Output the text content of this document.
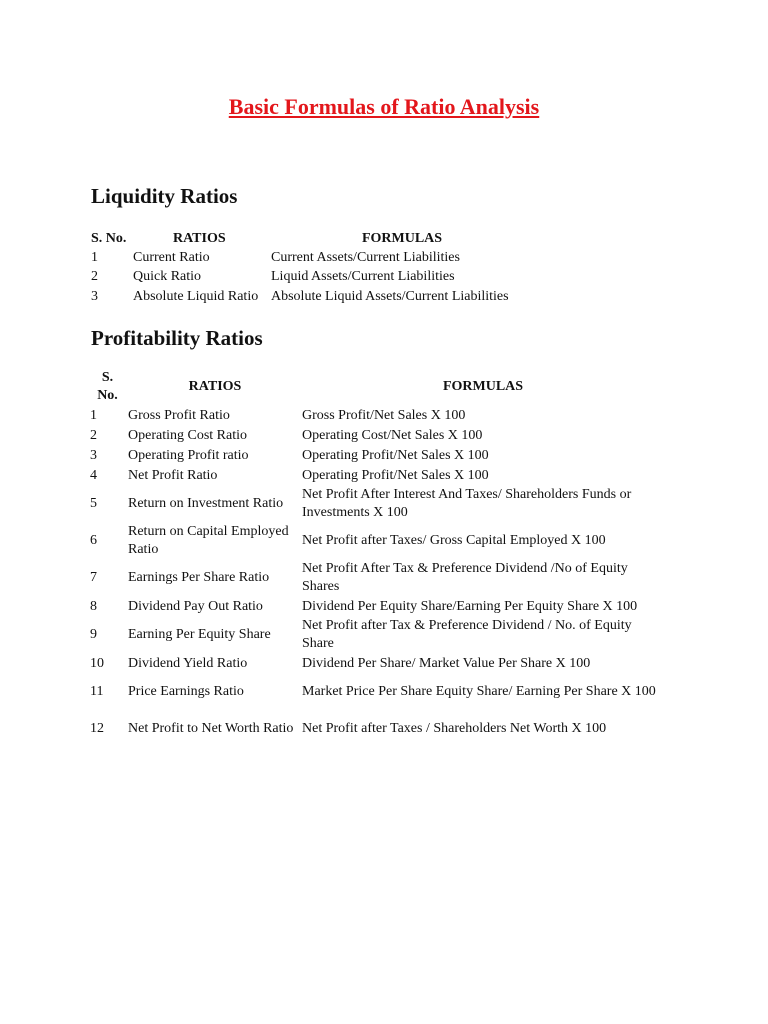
Basic Formulas of Ratio Analysis
Liquidity Ratios
S. No.	RATIOS	FORMULAS
1	Current Ratio	Current Assets/Current Liabilities
2	Quick Ratio	Liquid Assets/Current Liabilities
3	Absolute Liquid Ratio	Absolute Liquid Assets/Current Liabilities
Profitability Ratios
S. No.	RATIOS	FORMULAS
1	Gross Profit Ratio	Gross Profit/Net Sales X 100
2	Operating Cost Ratio	Operating Cost/Net Sales X 100
3	Operating Profit ratio	Operating Profit/Net Sales X 100
4	Net Profit Ratio	Operating Profit/Net Sales X 100
5	Return on Investment Ratio	Net Profit After Interest And Taxes/ Shareholders Funds or Investments X 100
6	Return on Capital Employed Ratio	Net Profit after Taxes/ Gross Capital Employed X 100
7	Earnings Per Share Ratio	Net Profit After Tax & Preference Dividend /No of Equity Shares
8	Dividend Pay Out Ratio	Dividend Per Equity Share/Earning Per Equity Share X 100
9	Earning Per Equity Share	Net Profit after Tax & Preference Dividend / No. of Equity Share
10	Dividend Yield Ratio	Dividend Per Share/ Market Value Per Share X 100
11	Price Earnings Ratio	Market Price Per Share Equity Share/ Earning Per Share X 100
12	Net Profit to Net Worth Ratio	Net Profit after Taxes / Shareholders Net Worth X 100
